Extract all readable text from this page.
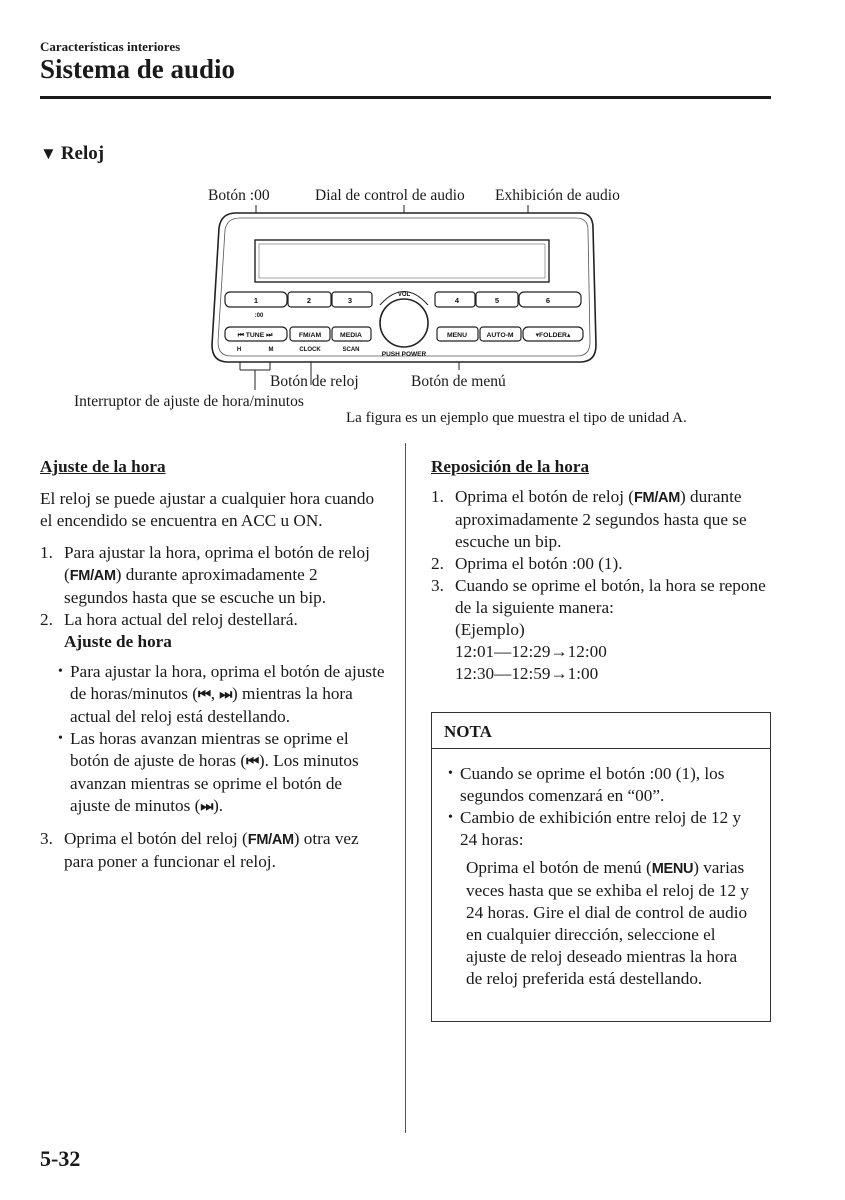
Características interiores
Sistema de audio
▼ Reloj
Botón :00	Dial de control de audio Exhibición de audio
Botón de reloj	Botón de menú
Interruptor de ajuste de hora/minutos
La figura es un ejemplo que muestra el tipo de unidad A.
1	2	3	4	5	6
:00
VOL
PUSH POWER
⏮ TUNE ⏭	FM/AM	MEDIA	MENU	AUTO-M	▾FOLDER▴
H	M	CLOCK	SCAN
Ajuste de la hora

El reloj se puede ajustar a cualquier hora cuando el encendido se encuentra en ACC u ON.

1. Para ajustar la hora, oprima el botón de reloj (FM/AM) durante aproximadamente 2 segundos hasta que se escuche un bip.
2. La hora actual del reloj destellará.
Ajuste de hora
• Para ajustar la hora, oprima el botón de ajuste de horas/minutos (⏮, ⏭) mientras la hora actual del reloj está destellando.
• Las horas avanzan mientras se oprime el botón de ajuste de horas (⏮). Los minutos avanzan mientras se oprime el botón de ajuste de minutos (⏭).
3. Oprima el botón del reloj (FM/AM) otra vez para poner a funcionar el reloj.
Reposición de la hora
1. Oprima el botón de reloj (FM/AM) durante aproximadamente 2 segundos hasta que se escuche un bip.
2. Oprima el botón :00 (1).
3. Cuando se oprime el botón, la hora se repone de la siguiente manera:
(Ejemplo)
12:01—12:29→12:00
12:30—12:59→1:00
NOTA
• Cuando se oprime el botón :00 (1), los segundos comenzará en “00”.
• Cambio de exhibición entre reloj de 12 y 24 horas:

Oprima el botón de menú (MENU) varias veces hasta que se exhiba el reloj de 12 y 24 horas. Gire el dial de control de audio en cualquier dirección, seleccione el ajuste de reloj deseado mientras la hora de reloj preferida está destellando.

5-32
